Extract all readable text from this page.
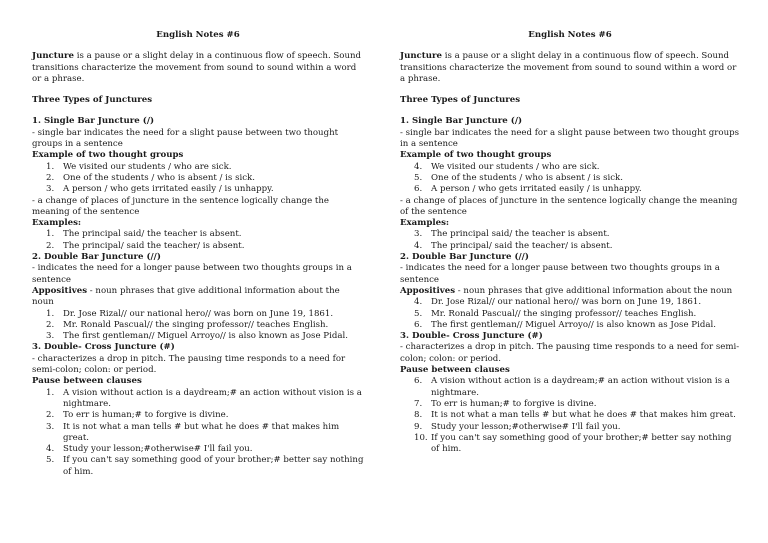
English Notes #6

Juncture is a pause or a slight delay in a continuous flow of speech. Sound transitions characterize the movement from sound to sound within a word or a phrase.

Three Types of Junctures

1. Single Bar Juncture (/)

- single bar indicates the need for a slight pause between two thought groups in a sentence

Example of two thought groups

1.	We visited our students / who are sick.
2.	One of the students / who is absent / is sick.
3.	A person / who gets irritated easily / is unhappy.

- a change of places of juncture in the sentence logically change the meaning of the sentence

Examples:

1.	The principal said/ the teacher is absent.
2.	The principal/ said the teacher/ is absent.

2. Double Bar Juncture (//)

- indicates the need for a longer pause between two thoughts groups in a sentence

Appositives - noun phrases that give additional information about the noun

1.	Dr. Jose Rizal// our national hero// was born on June 19, 1861.
2.	Mr. Ronald Pascual// the singing professor// teaches English.
3.	The first gentleman// Miguel Arroyo// is also known as Jose Pidal.

3. Double- Cross Juncture (#)

- characterizes a drop in pitch. The pausing time responds to a need for semi-colon; colon: or period.

Pause between clauses

1.	A vision without action is a daydream;# an action without vision is a nightmare.
2.	To err is human;# to forgive is divine.
3.	It is not what a man tells # but what he does # that makes him great.
4.	Study your lesson;#otherwise# I'll fail you.
5.	If you can't say something good of your brother;# better say nothing of him.

English Notes #6

Juncture is a pause or a slight delay in a continuous flow of speech. Sound transitions characterize the movement from sound to sound within a word or a phrase.

Three Types of Junctures

1. Single Bar Juncture (/)

- single bar indicates the need for a slight pause between two thought groups in a sentence

Example of two thought groups

4.	We visited our students / who are sick.
5.	One of the students / who is absent / is sick.
6.	A person / who gets irritated easily / is unhappy.

- a change of places of juncture in the sentence logically change the meaning of the sentence

Examples:

3.	The principal said/ the teacher is absent.
4.	The principal/ said the teacher/ is absent.

2. Double Bar Juncture (//)

- indicates the need for a longer pause between two thoughts groups in a sentence

Appositives - noun phrases that give additional information about the noun

4.	Dr. Jose Rizal// our national hero// was born on June 19, 1861.
5.	Mr. Ronald Pascual// the singing professor// teaches English.
6.	The first gentleman// Miguel Arroyo// is also known as Jose Pidal.

3. Double- Cross Juncture (#)

- characterizes a drop in pitch. The pausing time responds to a need for semi-colon; colon: or period.

Pause between clauses

6.	A vision without action is a daydream;# an action without vision is a nightmare.
7.	To err is human;# to forgive is divine.
8.	It is not what a man tells # but what he does # that makes him great.
9.	Study your lesson;#otherwise# I'll fail you.
10. If you can't say something good of your brother;# better say nothing of him.
